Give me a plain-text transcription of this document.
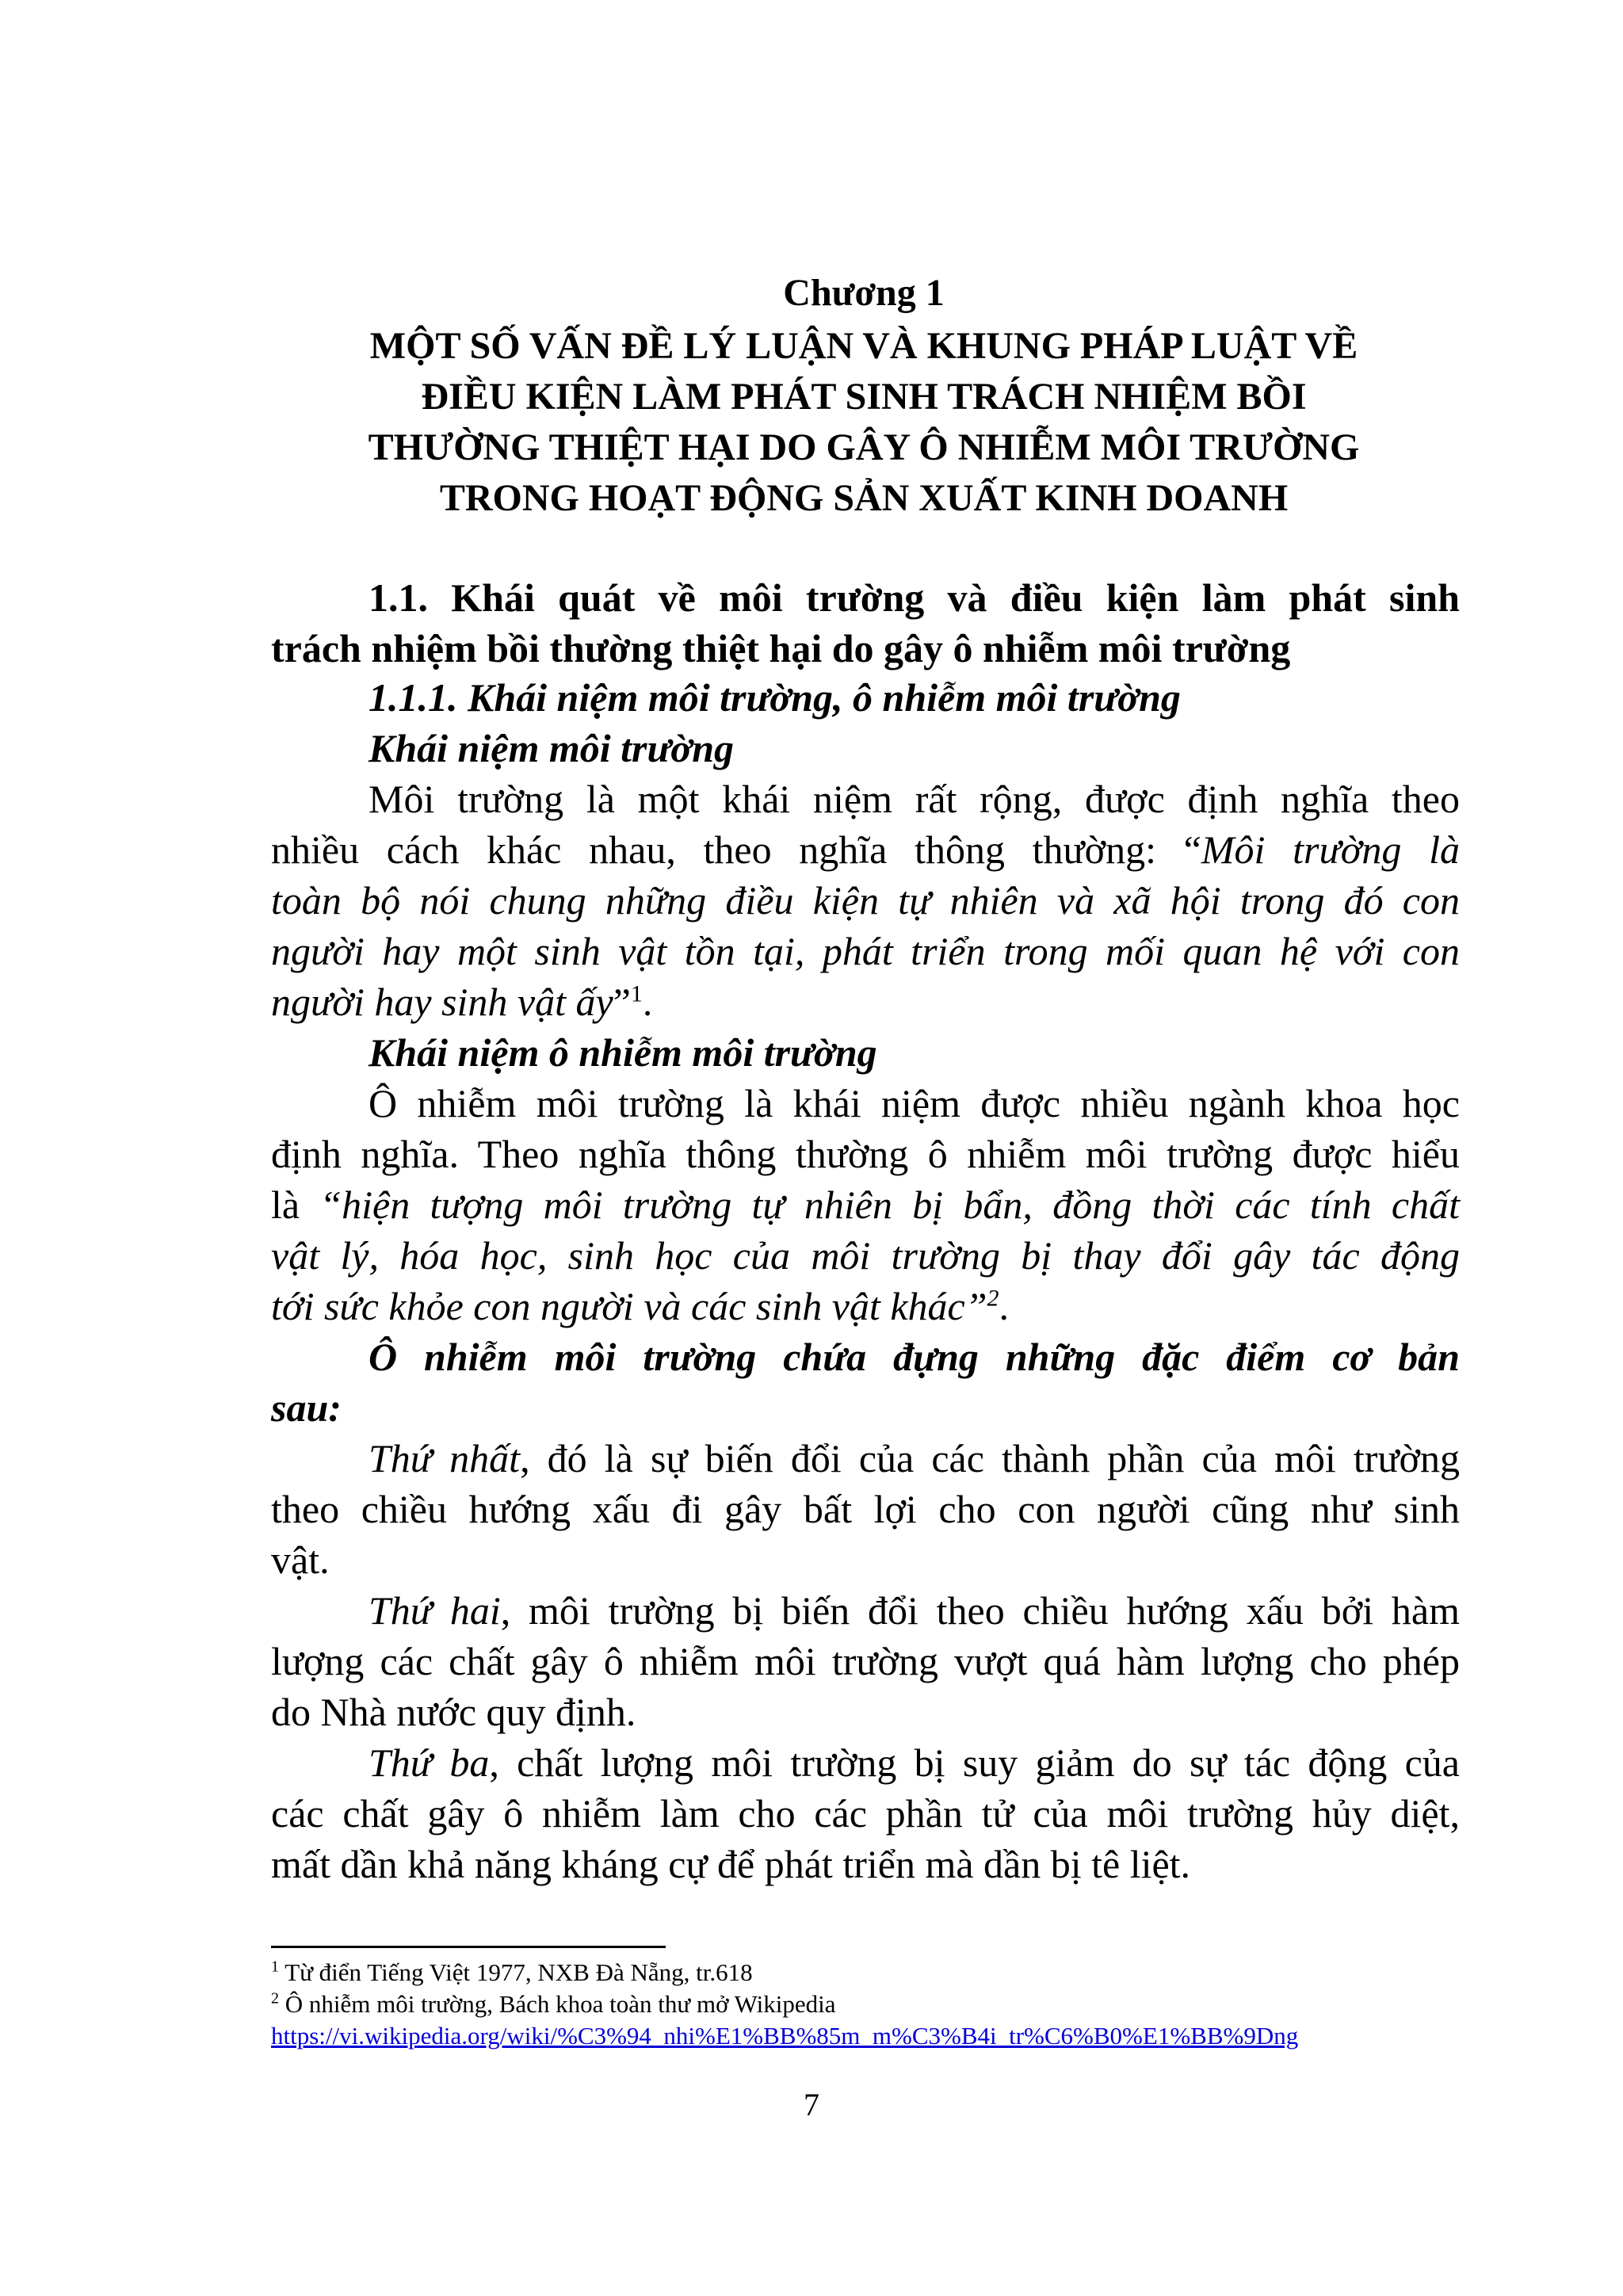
Chương 1
MỘT SỐ VẤN ĐỀ LÝ LUẬN VÀ KHUNG PHÁP LUẬT VỀ
ĐIỀU KIỆN LÀM PHÁT SINH TRÁCH NHIỆM BỒI
THƯỜNG THIỆT HẠI DO GÂY Ô NHIỄM MÔI TRƯỜNG
TRONG HOẠT ĐỘNG SẢN XUẤT KINH DOANH
1.1. Khái quát về môi trường và điều kiện làm phát sinh
trách nhiệm bồi thường thiệt hại do gây ô nhiễm môi trường
1.1.1. Khái niệm môi trường, ô nhiễm môi trường
Khái niệm môi trường
Môi trường là một khái niệm rất rộng, được định nghĩa theo
nhiều cách khác nhau, theo nghĩa thông thường: “Môi trường là
toàn bộ nói chung những điều kiện tự nhiên và xã hội trong đó con
người hay một sinh vật tồn tại, phát triển trong mối quan hệ với con
người hay sinh vật ấy”$^1$.
Khái niệm ô nhiễm môi trường
Ô nhiễm môi trường là khái niệm được nhiều ngành khoa học
định nghĩa. Theo nghĩa thông thường ô nhiễm môi trường được hiểu
là “hiện tượng môi trường tự nhiên bị bẩn, đồng thời các tính chất
vật lý, hóa học, sinh học của môi trường bị thay đổi gây tác động
tới sức khỏe con người và các sinh vật khác”$^2$.
Ô nhiễm môi trường chứa đựng những đặc điểm cơ bản
sau:
Thứ nhất, đó là sự biến đổi của các thành phần của môi trường
theo chiều hướng xấu đi gây bất lợi cho con người cũng như sinh
vật.
Thứ hai, môi trường bị biến đổi theo chiều hướng xấu bởi hàm
lượng các chất gây ô nhiễm môi trường vượt quá hàm lượng cho phép
do Nhà nước quy định.
Thứ ba, chất lượng môi trường bị suy giảm do sự tác động của
các chất gây ô nhiễm làm cho các phần tử của môi trường hủy diệt,
mất dần khả năng kháng cự để phát triển mà dần bị tê liệt.
$^1$ Từ điển Tiếng Việt 1977, NXB Đà Nẵng, tr.618
$^2$ Ô nhiễm môi trường, Bách khoa toàn thư mở Wikipedia
https://vi.wikipedia.org/wiki/%C3%94_nhi%E1%BB%85m_m%C3%B4i_tr%C6%B0%E1%BB%9Dng
7
